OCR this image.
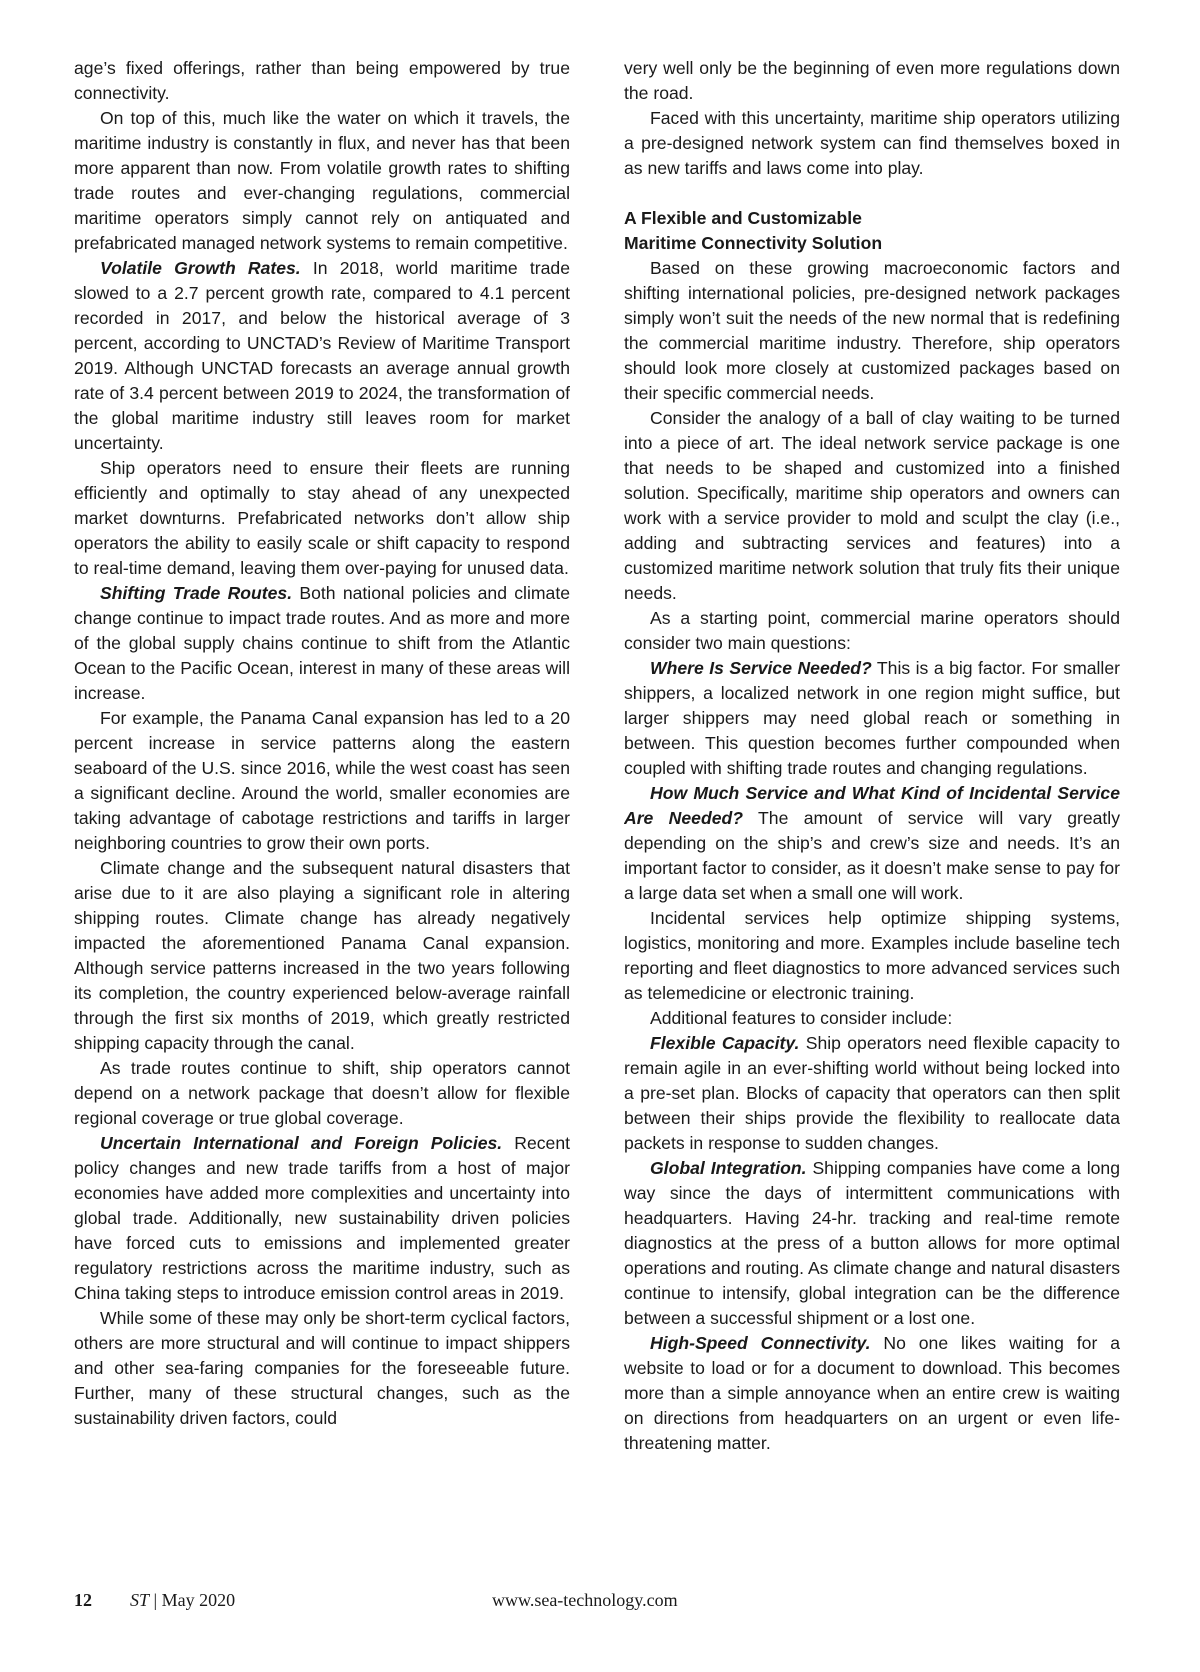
age’s fixed offerings, rather than being empowered by true connectivity.

On top of this, much like the water on which it travels, the maritime industry is constantly in flux, and never has that been more apparent than now. From volatile growth rates to shifting trade routes and ever-changing regulations, commercial maritime operators simply cannot rely on antiquated and prefabricated managed network systems to remain competitive.

Volatile Growth Rates. In 2018, world maritime trade slowed to a 2.7 percent growth rate, compared to 4.1 percent recorded in 2017, and below the historical average of 3 percent, according to UNCTAD’s Review of Maritime Transport 2019. Although UNCTAD forecasts an average annual growth rate of 3.4 percent between 2019 to 2024, the transformation of the global maritime industry still leaves room for market uncertainty.

Ship operators need to ensure their fleets are running efficiently and optimally to stay ahead of any unexpected market downturns. Prefabricated networks don’t allow ship operators the ability to easily scale or shift capacity to respond to real-time demand, leaving them over-paying for unused data.

Shifting Trade Routes. Both national policies and climate change continue to impact trade routes. And as more and more of the global supply chains continue to shift from the Atlantic Ocean to the Pacific Ocean, interest in many of these areas will increase.

For example, the Panama Canal expansion has led to a 20 percent increase in service patterns along the eastern seaboard of the U.S. since 2016, while the west coast has seen a significant decline. Around the world, smaller economies are taking advantage of cabotage restrictions and tariffs in larger neighboring countries to grow their own ports.

Climate change and the subsequent natural disasters that arise due to it are also playing a significant role in altering shipping routes. Climate change has already negatively impacted the aforementioned Panama Canal expansion. Although service patterns increased in the two years following its completion, the country experienced below-average rainfall through the first six months of 2019, which greatly restricted shipping capacity through the canal.

As trade routes continue to shift, ship operators cannot depend on a network package that doesn’t allow for flexible regional coverage or true global coverage.

Uncertain International and Foreign Policies. Recent policy changes and new trade tariffs from a host of major economies have added more complexities and uncertainty into global trade. Additionally, new sustainability driven policies have forced cuts to emissions and implemented greater regulatory restrictions across the maritime industry, such as China taking steps to introduce emission control areas in 2019.

While some of these may only be short-term cyclical factors, others are more structural and will continue to impact shippers and other sea-faring companies for the foreseeable future. Further, many of these structural changes, such as the sustainability driven factors, could

very well only be the beginning of even more regulations down the road.

Faced with this uncertainty, maritime ship operators utilizing a pre-designed network system can find themselves boxed in as new tariffs and laws come into play.

A Flexible and Customizable
Maritime Connectivity Solution

Based on these growing macroeconomic factors and shifting international policies, pre-designed network packages simply won’t suit the needs of the new normal that is redefining the commercial maritime industry. Therefore, ship operators should look more closely at customized packages based on their specific commercial needs.

Consider the analogy of a ball of clay waiting to be turned into a piece of art. The ideal network service package is one that needs to be shaped and customized into a finished solution. Specifically, maritime ship operators and owners can work with a service provider to mold and sculpt the clay (i.e., adding and subtracting services and features) into a customized maritime network solution that truly fits their unique needs.

As a starting point, commercial marine operators should consider two main questions:

Where Is Service Needed? This is a big factor. For smaller shippers, a localized network in one region might suffice, but larger shippers may need global reach or something in between. This question becomes further compounded when coupled with shifting trade routes and changing regulations.

How Much Service and What Kind of Incidental Service Are Needed? The amount of service will vary greatly depending on the ship’s and crew’s size and needs. It’s an important factor to consider, as it doesn’t make sense to pay for a large data set when a small one will work.

Incidental services help optimize shipping systems, logistics, monitoring and more. Examples include baseline tech reporting and fleet diagnostics to more advanced services such as telemedicine or electronic training.

Additional features to consider include:

Flexible Capacity. Ship operators need flexible capacity to remain agile in an ever-shifting world without being locked into a pre-set plan. Blocks of capacity that operators can then split between their ships provide the flexibility to reallocate data packets in response to sudden changes.

Global Integration. Shipping companies have come a long way since the days of intermittent communications with headquarters. Having 24-hr. tracking and real-time remote diagnostics at the press of a button allows for more optimal operations and routing. As climate change and natural disasters continue to intensify, global integration can be the difference between a successful shipment or a lost one.

High-Speed Connectivity. No one likes waiting for a website to load or for a document to download. This becomes more than a simple annoyance when an entire crew is waiting on directions from headquarters on an urgent or even life-threatening matter.

12 ST | May 2020	www.sea-technology.com
